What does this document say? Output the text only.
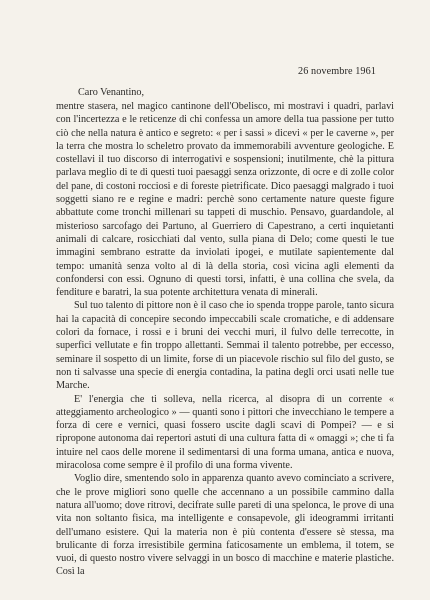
26 novembre 1961
Caro Venantino,

mentre stasera, nel magico cantinone dell'Obelisco, mi mostravi i quadri, parlavi con l'incertezza e le reticenze di chi confessa un amore della tua passione per tutto ciò che nella natura è antico e segreto: « per i sassi » dicevi « per le caverne », per la terra che mostra lo scheletro provato da immemorabili avventure geologiche. E costellavi il tuo discorso di interrogativi e sospensioni; inutilmente, chè la pittura parlava meglio di te di questi tuoi paesaggi senza orizzonte, di ocre e di zolle color del pane, di costoni rocciosi e di foreste pietrificate. Dico paesaggi malgrado i tuoi soggetti siano re e regine e madri: perchè sono certamente nature queste figure abbattute come tronchi millenari su tappeti di muschio. Pensavo, guardandole, al misterioso sarcofago dei Partuno, al Guerriero di Capestrano, a certi inquietanti animali di calcare, rosicchiati dal vento, sulla piana di Delo; come questi le tue immagini sembrano estratte da inviolati ipogei, e mutilate sapientemente dal tempo: umanità senza volto al di là della storia, così vicina agli elementi da confondersi con essi. Ognuno di questi torsi, infatti, è una collina che svela, da fenditure e baratri, la sua potente architettura venata di minerali.

Sul tuo talento di pittore non è il caso che io spenda troppe parole, tanto sicura hai la capacità di concepire secondo impeccabili scale cromatiche, e di addensare colori da fornace, i rossi e i bruni dei vecchi muri, il fulvo delle terrecotte, in superfici vellutate e fin troppo allettanti. Semmai il talento potrebbe, per eccesso, seminare il sospetto di un limite, forse di un piacevole rischio sul filo del gusto, se non ti salvasse una specie di energia contadina, la patina degli orci usati nelle tue Marche.

E' l'energia che ti solleva, nella ricerca, al disopra di un corrente « atteggiamento archeologico » — quanti sono i pittori che invecchiano le tempere a forza di cere e vernici, quasi fossero uscite dagli scavi di Pompei? — e si ripropone autonoma dai repertori astuti di una cultura fatta di « omaggi »; che ti fa intuire nel caos delle morene il sedimentarsi di una forma umana, antica e nuova, miracolosa come sempre è il profilo di una forma vivente.

Voglio dire, smentendo solo in apparenza quanto avevo cominciato a scrivere, che le prove migliori sono quelle che accennano a un possibile cammino dalla natura all'uomo; dove ritrovi, decifrate sulle pareti di una spelonca, le prove di una vita non soltanto fisica, ma intelligente e consapevole, gli ideogrammi irritanti dell'umano esistere. Qui la materia non è più contenta d'essere sè stessa, ma brulicante di forza irresistibile germina faticosamente un emblema, il totem, se vuoi, di questo nostro vivere selvaggi in un bosco di macchine e materie plastiche. Così la
